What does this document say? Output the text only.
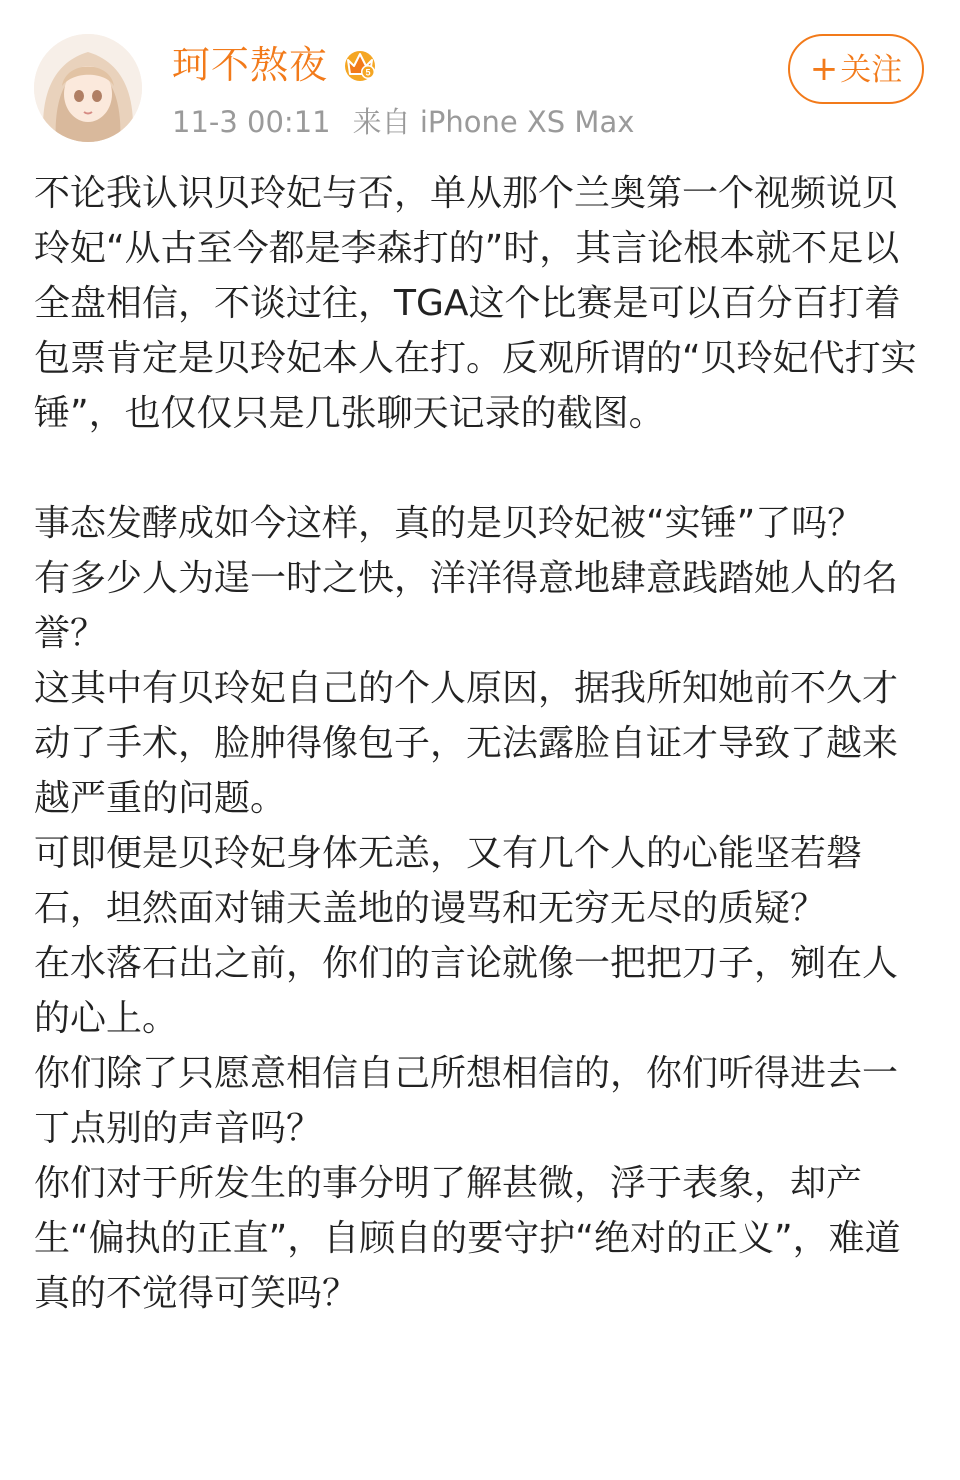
珂不熬夜	5
11-3 00:11 来自 iPhone XS Max
+关注

不论我认识贝玲妃与否，单从那个兰奥第一个视频说贝玲妃“从古至今都是李森打的”时，其言论根本就不足以全盘相信，不谈过往，TGA这个比赛是可以百分百打着包票肯定是贝玲妃本人在打。反观所谓的“贝玲妃代打实锤”，也仅仅只是几张聊天记录的截图。

事态发酵成如今这样，真的是贝玲妃被“实锤”了吗？

有多少人为逞一时之快，洋洋得意地肆意践踏她人的名誉？

这其中有贝玲妃自己的个人原因，据我所知她前不久才动了手术，脸肿得像包子，无法露脸自证才导致了越来越严重的问题。

可即便是贝玲妃身体无恙，又有几个人的心能坚若磐石，坦然面对铺天盖地的谩骂和无穷无尽的质疑？

在水落石出之前，你们的言论就像一把把刀子，剜在人的心上。

你们除了只愿意相信自己所想相信的，你们听得进去一丁点别的声音吗？

你们对于所发生的事分明了解甚微，浮于表象，却产生“偏执的正直”，自顾自的要守护“绝对的正义”，难道真的不觉得可笑吗？
